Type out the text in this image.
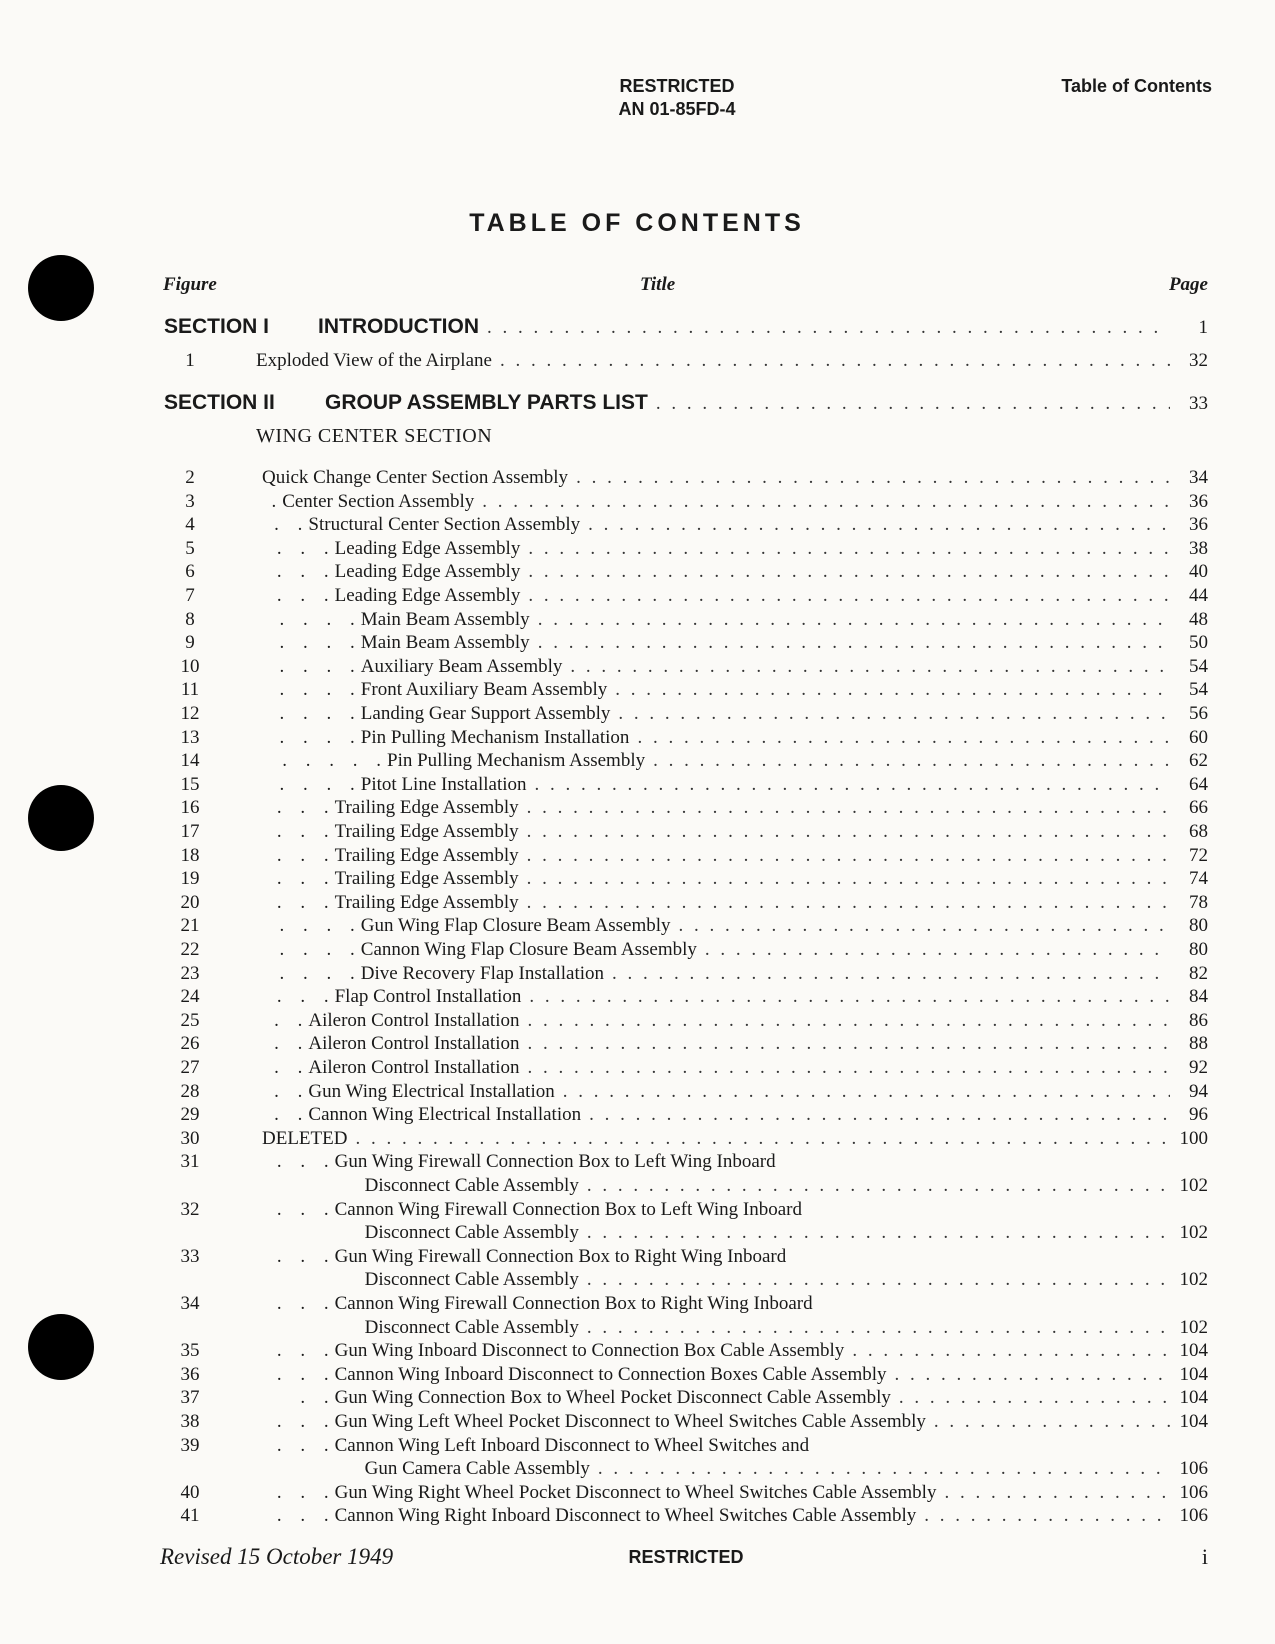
RESTRICTED
AN 01-85FD-4
Table of Contents
TABLE OF CONTENTS
Figure	Title	Page
SECTION I	INTRODUCTION . . .	1
1	Exploded View of the Airplane . . .	32
SECTION II	GROUP ASSEMBLY PARTS LIST . . .	33
WING CENTER SECTION
2	Quick Change Center Section Assembly . . .	34
3	. Center Section Assembly . . .	36
4	. . Structural Center Section Assembly . . .	36
5	. . . Leading Edge Assembly . . .	38
6	. . . Leading Edge Assembly . . .	40
7	. . . Leading Edge Assembly . . .	44
8	. . . . Main Beam Assembly . . .	48
9	. . . . Main Beam Assembly . . .	50
10	. . . . Auxiliary Beam Assembly . . .	54
11	. . . . Front Auxiliary Beam Assembly . . .	54
12	. . . . Landing Gear Support Assembly . . .	56
13	. . . . Pin Pulling Mechanism Installation . . .	60
14	. . . . . Pin Pulling Mechanism Assembly . . .	62
15	. . . . Pitot Line Installation . . .	64
16	. . . Trailing Edge Assembly . . .	66
17	. . . Trailing Edge Assembly . . .	68
18	. . . Trailing Edge Assembly . . .	72
19	. . . Trailing Edge Assembly . . .	74
20	. . . Trailing Edge Assembly . . .	78
21	. . . . Gun Wing Flap Closure Beam Assembly . . .	80
22	. . . . Cannon Wing Flap Closure Beam Assembly . . .	80
23	. . . . Dive Recovery Flap Installation . . .	82
24	. . . Flap Control Installation . . .	84
25	. . Aileron Control Installation . . .	86
26	. . Aileron Control Installation . . .	88
27	. . Aileron Control Installation . . .	92
28	. . Gun Wing Electrical Installation . . .	94
29	. . Cannon Wing Electrical Installation . . .	96
30	DELETED . . .	100
31	. . . Gun Wing Firewall Connection Box to Left Wing Inboard
Disconnect Cable Assembly . . .	102
32	. . . Cannon Wing Firewall Connection Box to Left Wing Inboard
Disconnect Cable Assembly . . .	102
33	. . . Gun Wing Firewall Connection Box to Right Wing Inboard
Disconnect Cable Assembly . . .	102
34	. . . Cannon Wing Firewall Connection Box to Right Wing Inboard
Disconnect Cable Assembly . . .	102
35	. . . Gun Wing Inboard Disconnect to Connection Box Cable Assembly . . .	104
36	. . . Cannon Wing Inboard Disconnect to Connection Boxes Cable Assembly . . .	104
37	. . Gun Wing Connection Box to Wheel Pocket Disconnect Cable Assembly . . .	104
38	. . . Gun Wing Left Wheel Pocket Disconnect to Wheel Switches Cable Assembly . . .	104
39	. . . Cannon Wing Left Inboard Disconnect to Wheel Switches and
Gun Camera Cable Assembly . . .	106
40	. . . Gun Wing Right Wheel Pocket Disconnect to Wheel Switches Cable Assembly . . .	106
41	. . . Cannon Wing Right Inboard Disconnect to Wheel Switches Cable Assembly . . .	106
Revised 15 October 1949	RESTRICTED	i
